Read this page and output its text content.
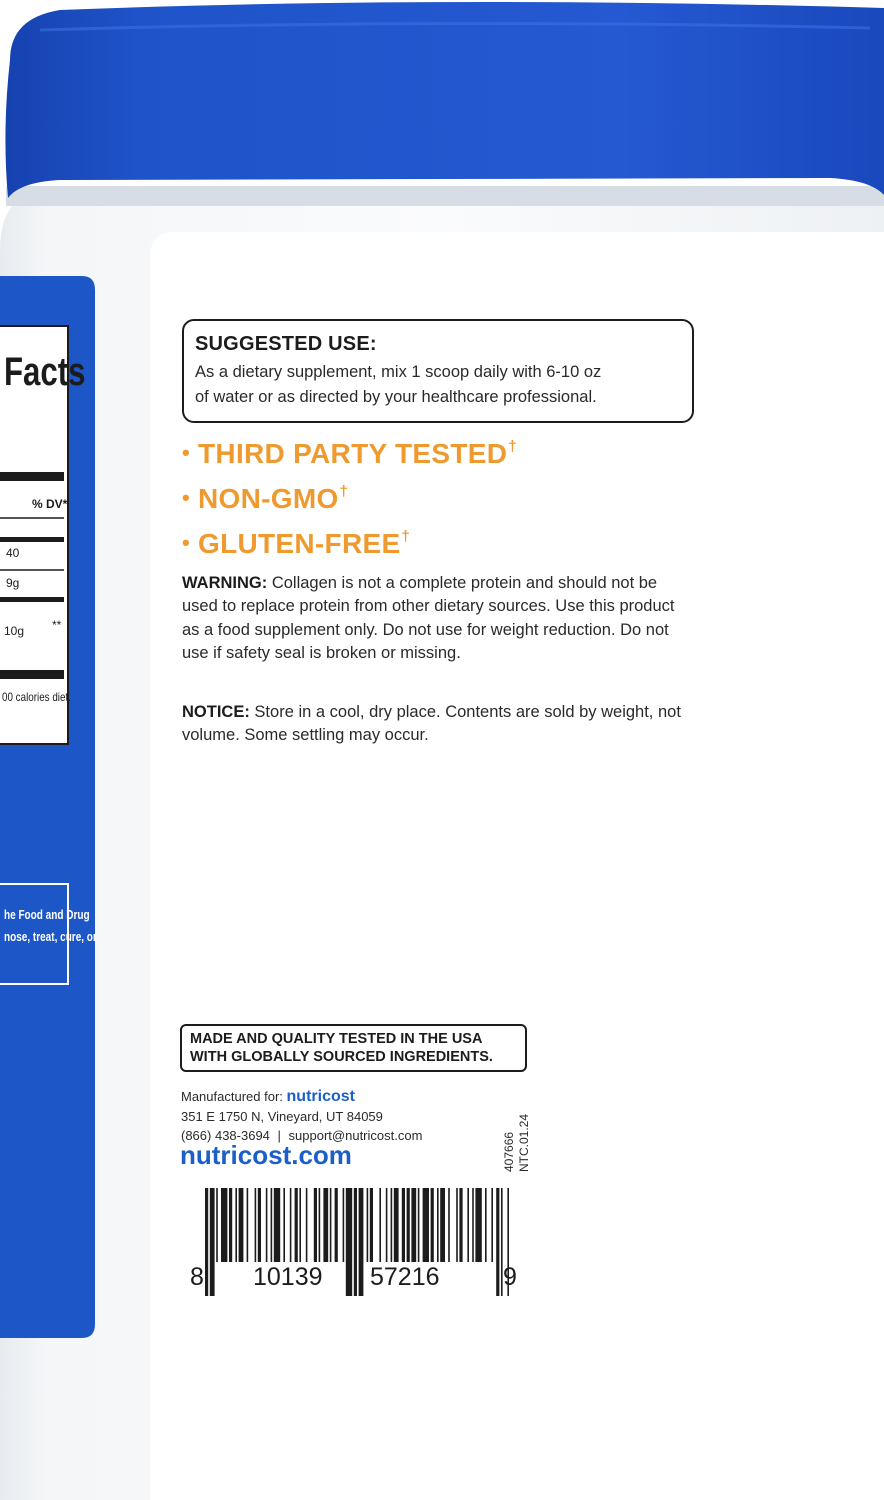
Facts
% DV*
40
9g
10g **
00 calories diet.
he Food and Drug
nose, treat, cure, or
SUGGESTED USE:
As a dietary supplement, mix 1 scoop daily with 6-10 oz
of water or as directed by your healthcare professional.
• THIRD PARTY TESTED†
• NON-GMO†
• GLUTEN-FREE†
WARNING: Collagen is not a complete protein and should not be used to replace protein from other dietary sources. Use this product as a food supplement only. Do not use for weight reduction. Do not use if safety seal is broken or missing.
NOTICE: Store in a cool, dry place. Contents are sold by weight, not volume. Some settling may occur.
MADE AND QUALITY TESTED IN THE USA
WITH GLOBALLY SOURCED INGREDIENTS.
Manufactured for: nutricost
351 E 1750 N, Vineyard, UT 84059
(866) 438-3694 | support@nutricost.com
nutricost.com	407666 NTC.01.24
8 10139 57216	9
